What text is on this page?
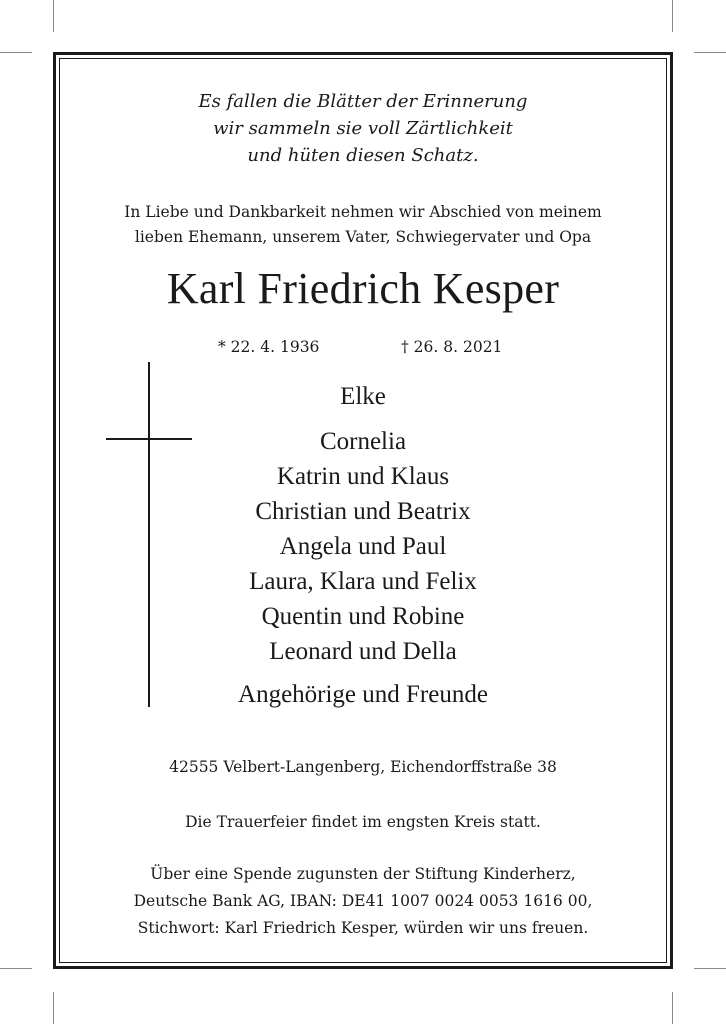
Es fallen die Blätter der Erinnerung
wir sammeln sie voll Zärtlichkeit
und hüten diesen Schatz.
In Liebe und Dankbarkeit nehmen wir Abschied von meinem
lieben Ehemann, unserem Vater, Schwiegervater und Opa
Karl Friedrich Kesper
* 22. 4. 1936	† 26. 8. 2021
Elke
Cornelia
Katrin und Klaus
Christian und Beatrix
Angela und Paul
Laura, Klara und Felix
Quentin und Robine
Leonard und Della
Angehörige und Freunde
42555 Velbert-Langenberg, Eichendorffstraße 38
Die Trauerfeier findet im engsten Kreis statt.
Über eine Spende zugunsten der Stiftung Kinderherz,
Deutsche Bank AG, IBAN: DE41 1007 0024 0053 1616 00,
Stichwort: Karl Friedrich Kesper, würden wir uns freuen.
